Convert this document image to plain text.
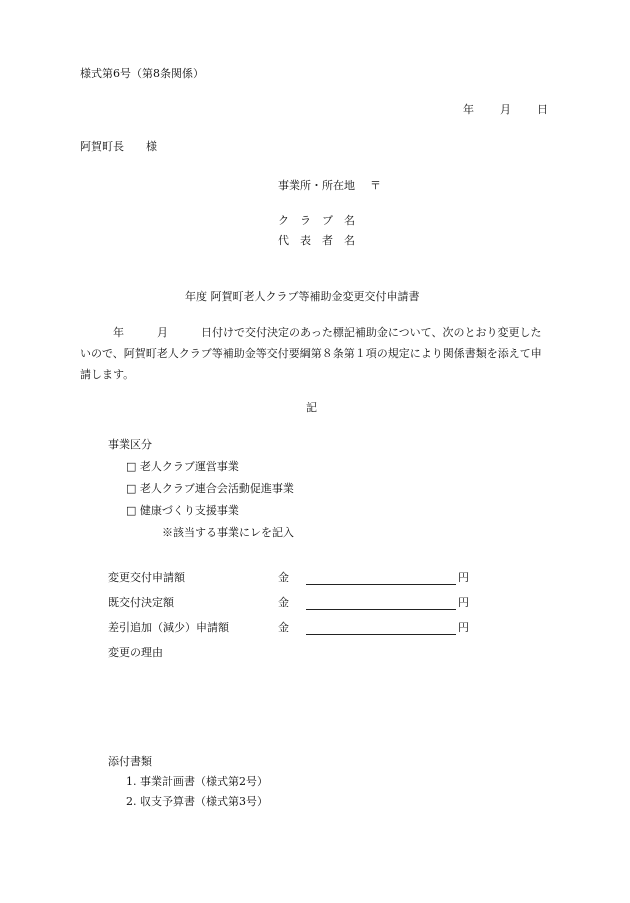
様式第6号（第8条関係）
年 月 日
阿賀町長　　様
事業所・所在地 〒
ク　ラ　ブ　名
代　表　者　名
年度 阿賀町老人クラブ等補助金変更交付申請書
　　　年　　　月　　　日付けで交付決定のあった標記補助金について、次のとおり変更したいので、阿賀町老人クラブ等補助金等交付要綱第８条第１項の規定により関係書類を添えて申請します。
記
事業区分
□ 老人クラブ運営事業
□ 老人クラブ連合会活動促進事業
□ 健康づくり支援事業
※該当する事業にレを記入
変更交付申請額	金	円
既交付決定額	金	円
差引追加（減少）申請額	金	円
変更の理由
添付書類
1. 事業計画書（様式第2号）
2. 収支予算書（様式第3号）
